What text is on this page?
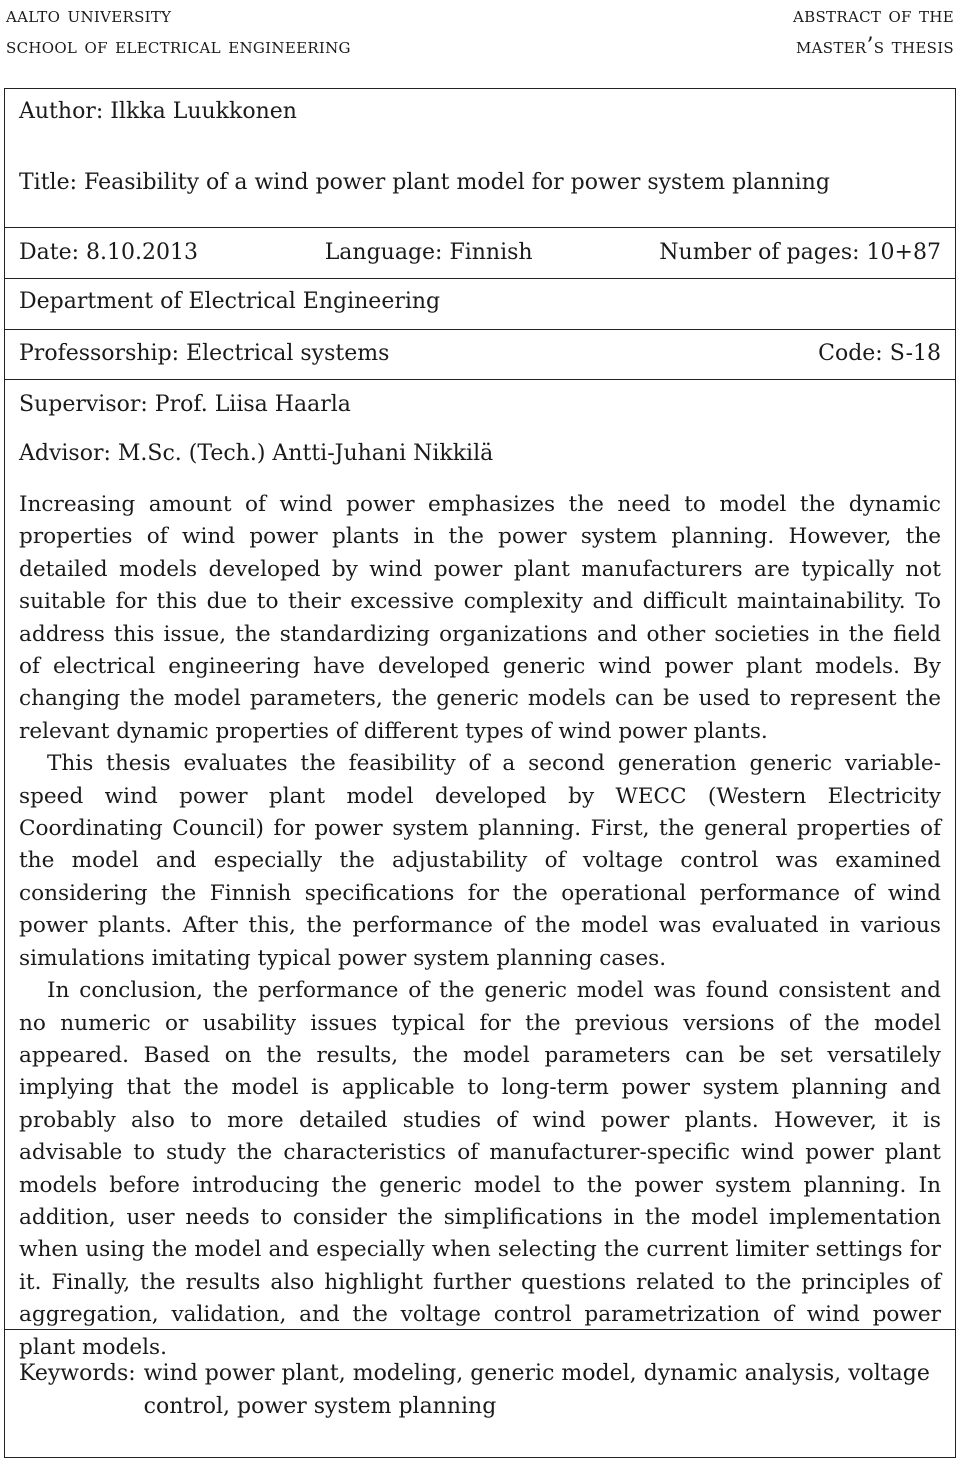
aalto university
school of electrical engineering
abstract of the
master’s thesis
Author: Ilkka Luukkonen
Title: Feasibility of a wind power plant model for power system planning
Date: 8.10.2013	Language: Finnish	Number of pages: 10+87
Department of Electrical Engineering
Professorship: Electrical systems	Code: S-18
Supervisor: Prof. Liisa Haarla
Advisor: M.Sc. (Tech.) Antti-Juhani Nikkilä

Increasing amount of wind power emphasizes the need to model the dynamic properties of wind power plants in the power system planning. However, the detailed models developed by wind power plant manufacturers are typically not suitable for this due to their excessive complexity and difficult maintainability. To address this issue, the standardizing organizations and other societies in the field of electrical engineering have developed generic wind power plant models. By changing the model parameters, the generic models can be used to represent the relevant dynamic properties of different types of wind power plants.

This thesis evaluates the feasibility of a second generation generic variable-speed wind power plant model developed by WECC (Western Electricity Coordinating Council) for power system planning. First, the general properties of the model and especially the adjustability of voltage control was examined considering the Finnish specifications for the operational performance of wind power plants. After this, the performance of the model was evaluated in various simulations imitating typical power system planning cases.

In conclusion, the performance of the generic model was found consistent and no numeric or usability issues typical for the previous versions of the model appeared. Based on the results, the model parameters can be set versatilely implying that the model is applicable to long-term power system planning and probably also to more detailed studies of wind power plants. However, it is advisable to study the characteristics of manufacturer-specific wind power plant models before introducing the generic model to the power system planning. In addition, user needs to consider the simplifications in the model implementation when using the model and especially when selecting the current limiter settings for it. Finally, the results also highlight further questions related to the principles of aggregation, validation, and the voltage control parametrization of wind power plant models.

Keywords: wind power plant, modeling, generic model, dynamic analysis, voltage control, power system planning
